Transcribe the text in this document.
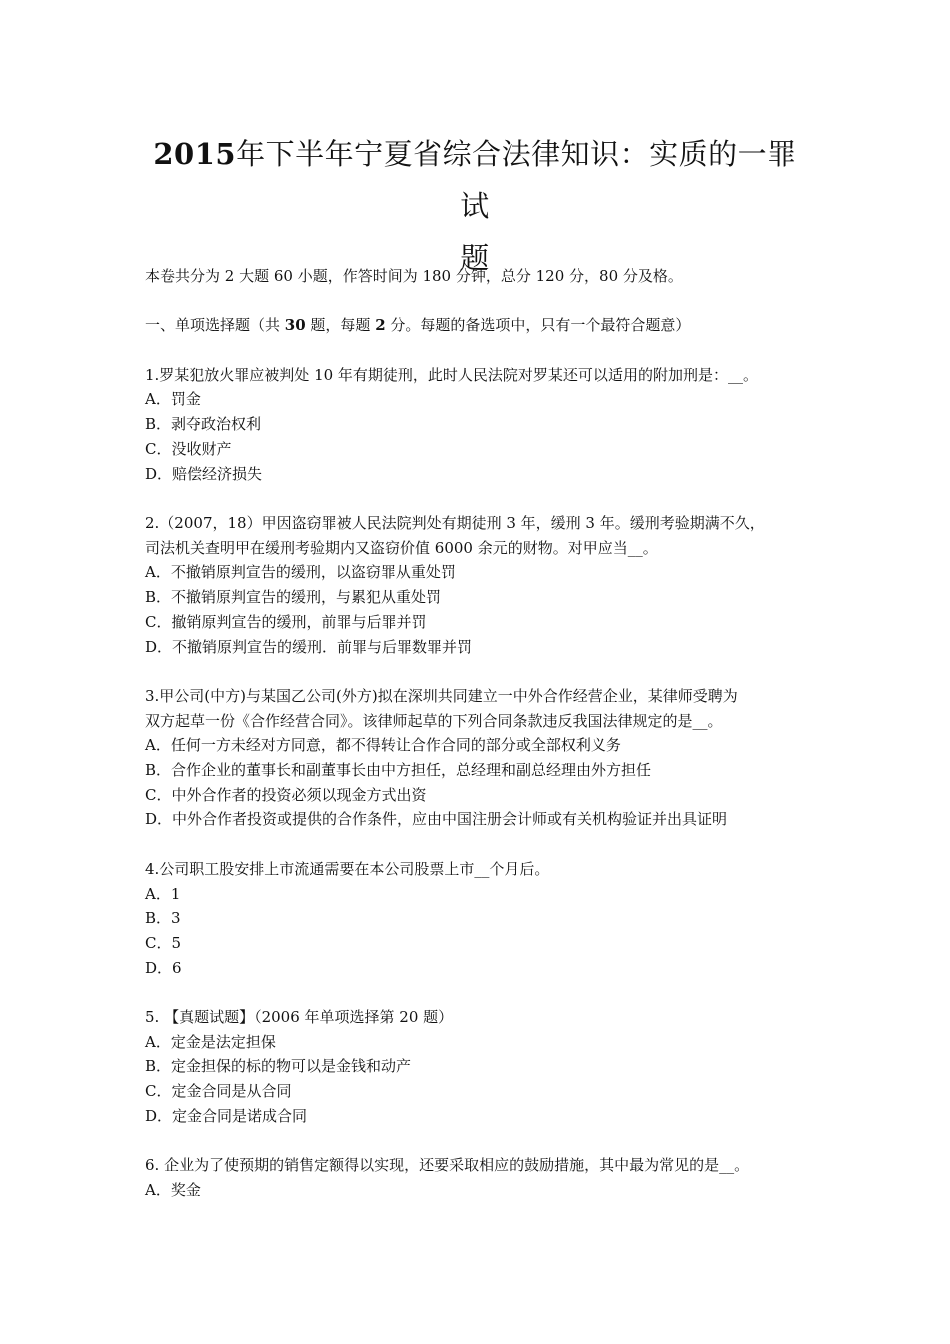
2015年下半年宁夏省综合法律知识：实质的一罪试
题

本卷共分为 2 大题 60 小题，作答时间为 180 分钟，总分 120 分，80 分及格。

一、单项选择题（共 30 题，每题 2 分。每题的备选项中，只有一个最符合题意）

1.罗某犯放火罪应被判处 10 年有期徒刑，此时人民法院对罗某还可以适用的附加刑是：__。

A．罚金

B．剥夺政治权利

C．没收财产

D．赔偿经济损失

2.（2007，18）甲因盗窃罪被人民法院判处有期徒刑 3 年，缓刑 3 年。缓刑考验期满不久，

司法机关查明甲在缓刑考验期内又盗窃价值 6000 余元的财物。对甲应当__。

A．不撤销原判宣告的缓刑，以盗窃罪从重处罚

B．不撤销原判宣告的缓刑，与累犯从重处罚

C．撤销原判宣告的缓刑，前罪与后罪并罚

D．不撤销原判宣告的缓刑．前罪与后罪数罪并罚

3.甲公司(中方)与某国乙公司(外方)拟在深圳共同建立一中外合作经营企业，某律师受聘为

双方起草一份《合作经营合同》。该律师起草的下列合同条款违反我国法律规定的是__。

A．任何一方未经对方同意，都不得转让合作合同的部分或全部权利义务

B．合作企业的董事长和副董事长由中方担任，总经理和副总经理由外方担任

C．中外合作者的投资必须以现金方式出资

D．中外合作者投资或提供的合作条件，应由中国注册会计师或有关机构验证并出具证明

4.公司职工股安排上市流通需要在本公司股票上市__个月后。

A．1

B．3

C．5

D．6

5. 【真题试题】（2006 年单项选择第 20 题）

A．定金是法定担保

B．定金担保的标的物可以是金钱和动产

C．定金合同是从合同

D．定金合同是诺成合同

6. 企业为了使预期的销售定额得以实现，还要采取相应的鼓励措施，其中最为常见的是__。

A．奖金
